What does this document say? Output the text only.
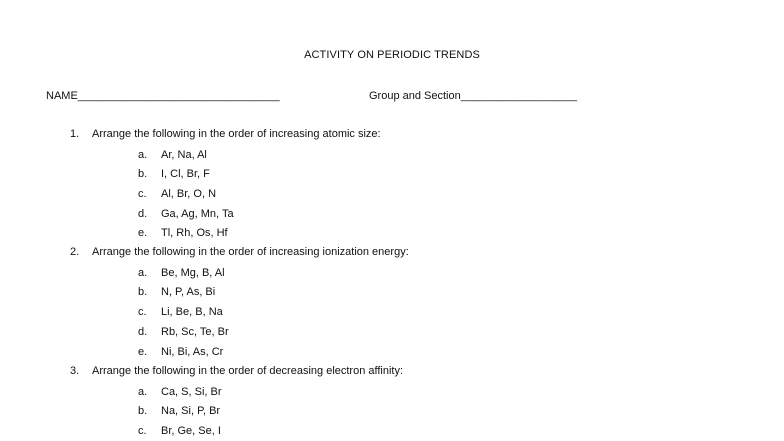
ACTIVITY ON PERIODIC TRENDS
NAME_________________________________	Group and Section___________________
1. Arrange the following in the order of increasing atomic size:
a. Ar, Na, Al
b. I, Cl, Br, F
c. Al, Br, O, N
d. Ga, Ag, Mn, Ta
e. Tl, Rh, Os, Hf
2. Arrange the following in the order of increasing ionization energy:
a. Be, Mg, B, Al
b. N, P, As, Bi
c. Li, Be, B, Na
d. Rb, Sc, Te, Br
e. Ni, Bi, As, Cr
3. Arrange the following in the order of decreasing electron affinity:
a. Ca, S, Si, Br
b. Na, Si, P, Br
c. Br, Ge, Se, I
